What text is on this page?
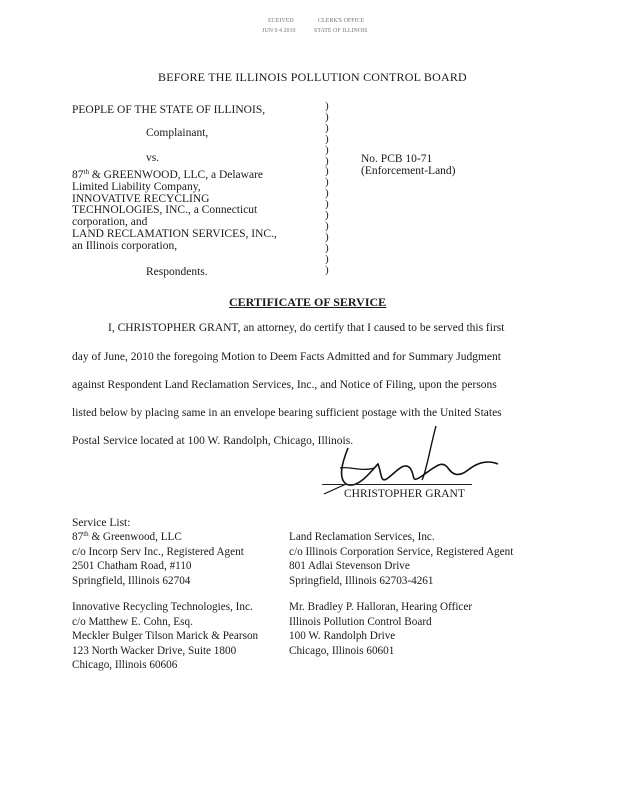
ECEIVED	CLERK'S OFFICE
JUN 0 4 2010	STATE OF ILLINOIS
BEFORE THE ILLINOIS POLLUTION CONTROL BOARD
PEOPLE OF THE STATE OF ILLINOIS,
Complainant,
vs.
87th & GREENWOOD, LLC, a Delaware
Limited Liability Company,
INNOVATIVE RECYCLING
TECHNOLOGIES, INC., a Connecticut
corporation, and
LAND RECLAMATION SERVICES, INC.,
an Illinois corporation,
Respondents.
)
)
)
)
)
)
)
)
)
)
)
)
)
)
)
)
No. PCB 10-71
(Enforcement-Land)
CERTIFICATE OF SERVICE
I, CHRISTOPHER GRANT, an attorney, do certify that I caused to be served this first
day of June, 2010 the foregoing Motion to Deem Facts Admitted and for Summary Judgment
against Respondent Land Reclamation Services, Inc., and Notice of Filing, upon the persons
listed below by placing same in an envelope bearing sufficient postage with the United States
Postal Service located at 100 W. Randolph, Chicago, Illinois.
CHRISTOPHER GRANT
Service List:
87th & Greenwood, LLC
c/o Incorp Serv Inc., Registered Agent
2501 Chatham Road, #110
Springfield, Illinois 62704
Land Reclamation Services, Inc.
c/o Illinois Corporation Service, Registered Agent
801 Adlai Stevenson Drive
Springfield, Illinois 62703-4261
Innovative Recycling Technologies, Inc.
c/o Matthew E. Cohn, Esq.
Meckler Bulger Tilson Marick & Pearson
123 North Wacker Drive, Suite 1800
Chicago, Illinois 60606
Mr. Bradley P. Halloran, Hearing Officer
Illinois Pollution Control Board
100 W. Randolph Drive
Chicago, Illinois 60601
